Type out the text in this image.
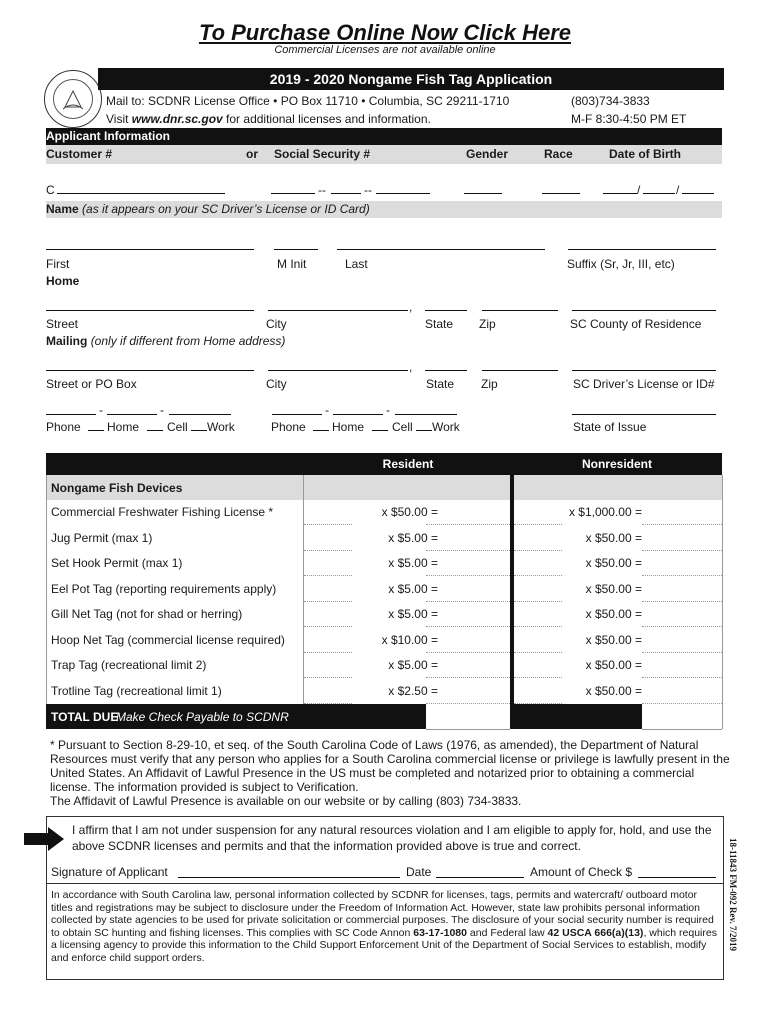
To Purchase Online Now Click Here
Commercial Licenses are not available online
2019 - 2020 Nongame Fish Tag Application
Mail to: SCDNR License Office • PO Box 11710 • Columbia, SC 29211-1710
Visit www.dnr.sc.gov for additional licenses and information.
(803)734-3833
M-F 8:30-4:50 PM ET
Applicant Information
Customer #	or Social Security #	Gender	Race	Date of Birth
C	--	--	/	/
Name (as it appears on your SC Driver’s License or ID Card)
First	M Init	Last	Suffix (Sr, Jr, III, etc)
Home
,
Street	City	State Zip	SC County of Residence
Mailing (only if different from Home address)
,
Street or PO Box	City	State Zip	SC Driver’s License or ID#
-	-	-	-
Phone Home Cell Work	Phone Home Cell Work	State of Issue
Resident	Nonresident
Nongame Fish Devices
Commercial Freshwater Fishing License *	x $50.00 =	x $1,000.00 =
Jug Permit (max 1)	x $5.00 =	x $50.00 =
Set Hook Permit (max 1)	x $5.00 =	x $50.00 =
Eel Pot Tag (reporting requirements apply)	x $5.00 =	x $50.00 =
Gill Net Tag (not for shad or herring)	x $5.00 =	x $50.00 =
Hoop Net Tag (commercial license required)	x $10.00 =	x $50.00 =
Trap Tag (recreational limit 2)	x $5.00 =	x $50.00 =
Trotline Tag (recreational limit 1)	x $2.50 =	x $50.00 =
TOTAL DUE
Make Check Payable to SCDNR
* Pursuant to Section 8-29-10, et seq. of the South Carolina Code of Laws (1976, as amended), the Department of Natural Resources must verify that any person who applies for a South Carolina commercial license or privilege is lawfully present in the United States. An Affidavit of Lawful Presence in the US must be completed and notarized prior to obtaining a commercial license. The information provided is subject to Verification.
The Affidavit of Lawful Presence is available on our website or by calling (803) 734-3833.
I affirm that I am not under suspension for any natural resources violation and I am eligible to apply for, hold, and use the above SCDNR licenses and permits and that the information provided above is true and correct.
Signature of Applicant	Date	Amount of Check $
In accordance with South Carolina law, personal information collected by SCDNR for licenses, tags, permits and watercraft/ outboard motor titles and registrations may be subject to disclosure under the Freedom of Information Act. However, state law prohibits personal information collected by state agencies to be used for private solicitation or commercial purposes. The disclosure of your social security number is required to obtain SC hunting and fishing licenses. This complies with SC Code Annon 63-17-1080 and Federal law 42 USCA 666(a)(13), which requires a licensing agency to provide this information to the Child Support Enforcement Unit of the Department of Social Services to establish, modify and enforce child support orders.
18-11843 FM-092 Rev. 7/2019
